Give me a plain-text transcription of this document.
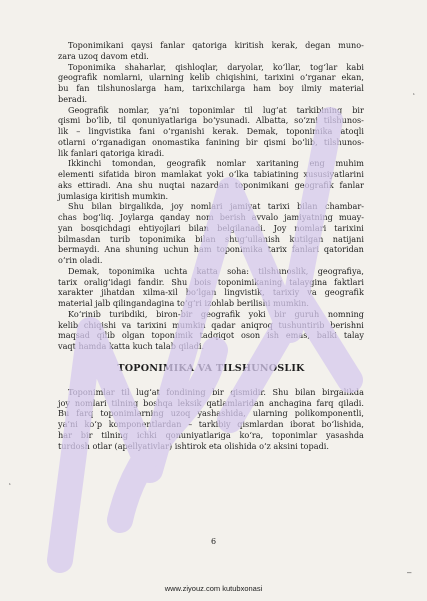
Toponimikani qaysi fanlar qatoriga kiritish kerak, degan muno-
zara uzoq davom etdi.
Toponimika shaharlar, qishloqlar, daryolar, ko‘llar, tog‘lar kabi
geografik nomlarni, ularning kelib chiqishini, tarixini o‘rganar ekan,
bu fan tilshunoslarga ham, tarixchilarga ham boy ilmiy material
beradi.
Geografik nomlar, ya’ni toponimlar til lug‘at tarkibining bir
qismi bo‘lib, til qonuniyatlariga bo‘ysunadi. Albatta, so‘zni tilshunos-
lik – lingvistika fani o‘rganishi kerak. Demak, toponimika atoqli
otlarni o‘rganadigan onomastika fanining bir qismi bo‘lib, tilshunos-
lik fanlari qatoriga kiradi.
Ikkinchi tomondan, geografik nomlar xaritaning eng muhim
elementi sifatida biron mamlakat yoki o‘lka tabiatining xususiyatlarini
aks ettiradi. Ana shu nuqtai nazardan toponimikani geografik fanlar
jumlasiga kiritish mumkin.
Shu bilan birgalikda, joy nomlari jamiyat tarixi bilan chambar-
chas bog‘liq. Joylarga qanday nom berish avvalo jamiyatning muay-
yan bosqichdagi ehtiyojlari bilan belgilanadi. Joy nomlari tarixini
bilmasdan turib toponimika bilan shug‘ullanish kutilgan natijani
bermaydi. Ana shuning uchun ham toponimika tarix fanlari qatoridan
o‘rin oladi.
Demak, toponimika uchta katta soha: tilshunoslik, geografiya,
tarix oralig‘idagi fandir. Shu bois toponimikaning talaygina faktlari
xarakter jihatdan xilma-xil bo‘lgan lingvistik, tarixiy va geografik
material jalb qilingandagina to‘g‘ri izohlab berilishi mumkin.
Ko‘rinib turibdiki, biron-bir geografik yoki bir guruh nomning
kelib chiqishi va tarixini mumkin qadar aniqroq tushuntirib berishni
maqsad qilib olgan toponimik tadqiqot oson ish emas, balki talay
vaqt hamda katta kuch talab qiladi.
TOPONIMIKA VA TILSHUNOSLIK
Toponimlar til lug‘at fondining bir qismidir. Shu bilan birgalikda
joy nomlari tilning boshqa leksik qatlamlaridan anchagina farq qiladi.
Bu farq toponimlarning uzoq yashashida, ularning polikomponentli,
ya’ni ko‘p komponentlardan – tarkibiy qismlardan iborat bo‘lishida,
har bir tilning ichki qonuniyatlariga ko‘ra, toponimlar yasashda
turdosh otlar (apellyativlar) ishtirok eta olishida o‘z aksini topadi.
6
www.ziyouz.com kutubxonasi
‘
‘
–
